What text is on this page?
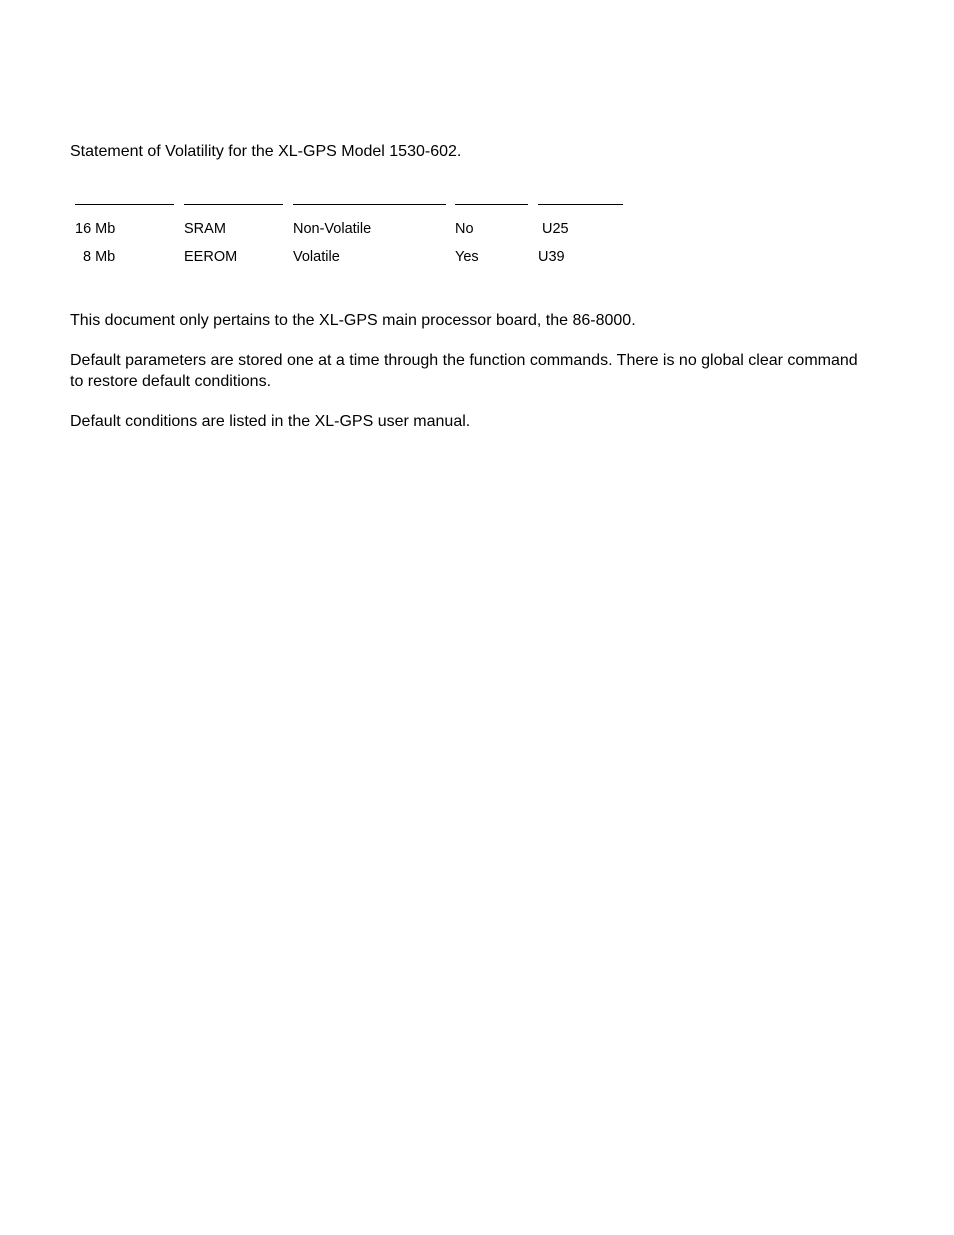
Statement of Volatility for the XL-GPS Model 1530-602.
16 Mb	SRAM	Non-Volatile	No	U25
8 Mb	EEROM	Volatile	Yes	U39
This document only pertains to the XL-GPS main processor board, the 86-8000.
Default parameters are stored one at a time through the function commands. There is no global clear command to restore default conditions.
Default conditions are listed in the XL-GPS user manual.
